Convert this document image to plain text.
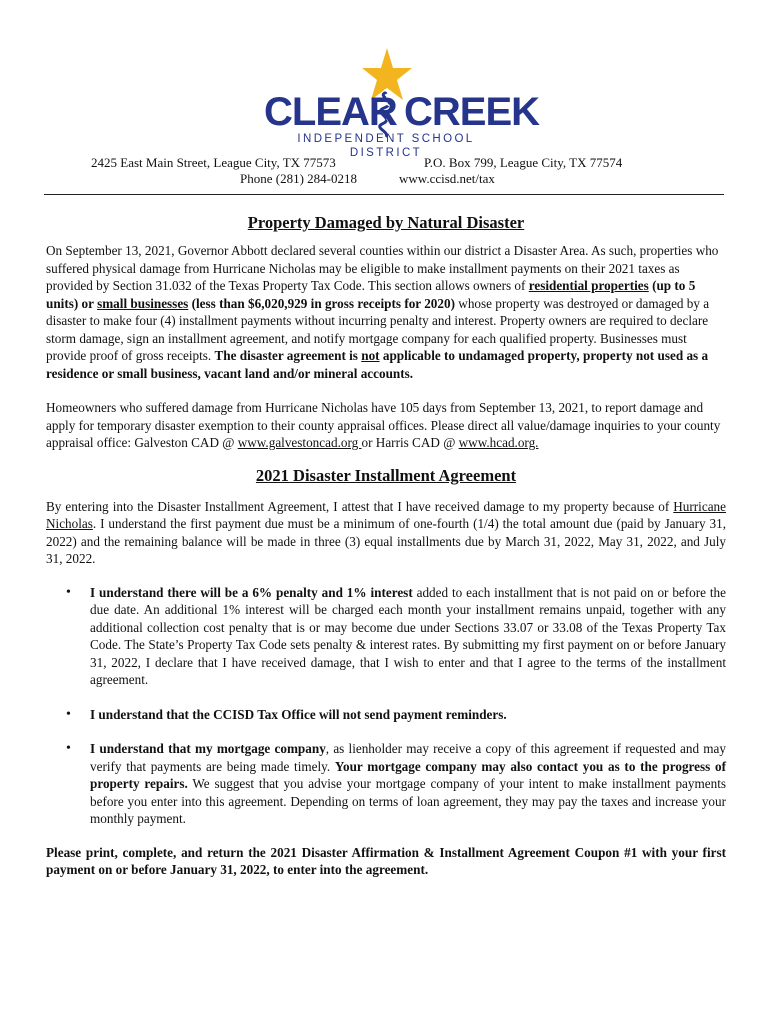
CLEAR CREEK
INDEPENDENT SCHOOL DISTRICT
2425 East Main Street, League City, TX 77573	P.O. Box 799, League City, TX 77574
Phone (281) 284-0218	www.ccisd.net/tax
Property Damaged by Natural Disaster

On September 13, 2021, Governor Abbott declared several counties within our district a Disaster Area. As such, properties who suffered physical damage from Hurricane Nicholas may be eligible to make installment payments on their 2021 taxes as provided by Section 31.032 of the Texas Property Tax Code. This section allows owners of residential properties (up to 5 units) or small businesses (less than $6,020,929 in gross receipts for 2020) whose property was destroyed or damaged by a disaster to make four (4) installment payments without incurring penalty and interest. Property owners are required to declare storm damage, sign an installment agreement, and notify mortgage company for each qualified property. Businesses must provide proof of gross receipts. The disaster agreement is not applicable to undamaged property, property not used as a residence or small business, vacant land and/or mineral accounts.

Homeowners who suffered damage from Hurricane Nicholas have 105 days from September 13, 2021, to report damage and apply for temporary disaster exemption to their county appraisal offices. Please direct all value/damage inquiries to your county appraisal office: Galveston CAD @ www.galvestoncad.org or Harris CAD @ www.hcad.org.

2021 Disaster Installment Agreement

By entering into the Disaster Installment Agreement, I attest that I have received damage to my property because of Hurricane Nicholas. I understand the first payment due must be a minimum of one-fourth (1/4) the total amount due (paid by January 31, 2022) and the remaining balance will be made in three (3) equal installments due by March 31, 2022, May 31, 2022, and July 31, 2022.

• I understand there will be a 6% penalty and 1% interest added to each installment that is not paid on or before the due date. An additional 1% interest will be charged each month your installment remains unpaid, together with any additional collection cost penalty that is or may become due under Sections 33.07 or 33.08 of the Texas Property Tax Code. The State’s Property Tax Code sets penalty & interest rates. By submitting my first payment on or before January 31, 2022, I declare that I have received damage, that I wish to enter and that I agree to the terms of the installment agreement.
• I understand that the CCISD Tax Office will not send payment reminders.
• I understand that my mortgage company, as lienholder may receive a copy of this agreement if requested and may verify that payments are being made timely. Your mortgage company may also contact you as to the progress of property repairs. We suggest that you advise your mortgage company of your intent to make installment payments before you enter into this agreement. Depending on terms of loan agreement, they may pay the taxes and increase your monthly payment.

Please print, complete, and return the 2021 Disaster Affirmation & Installment Agreement Coupon #1 with your first payment on or before January 31, 2022, to enter into the agreement.
